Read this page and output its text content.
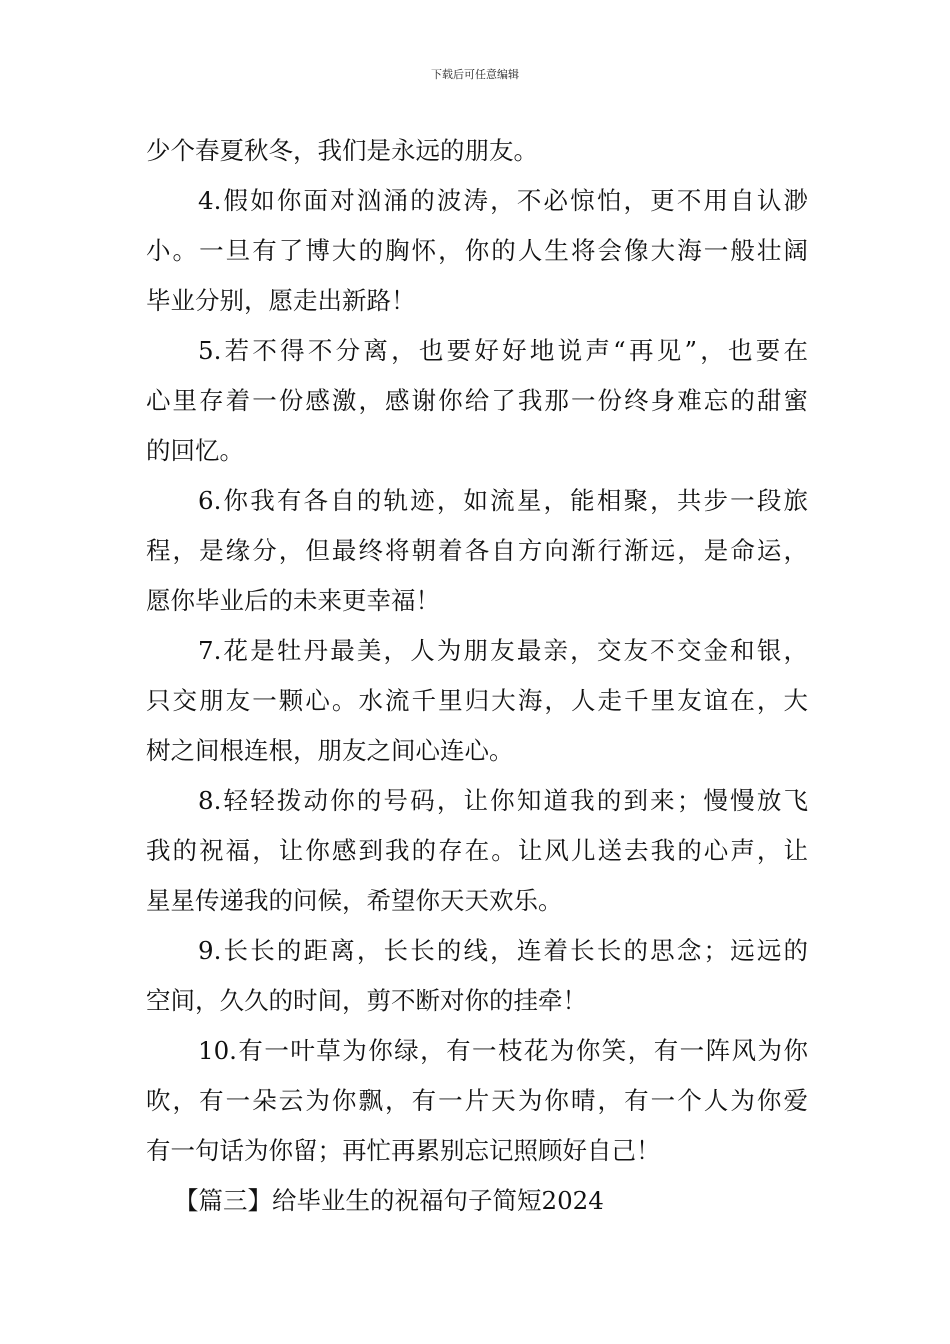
下载后可任意编辑
少个春夏秋冬，我们是永远的朋友。
4.假如你面对汹涌的波涛，不必惊怕，更不用自认渺
小。一旦有了博大的胸怀，你的人生将会像大海一般壮阔
毕业分别，愿走出新路！
5.若不得不分离，也要好好地说声“再见”，也要在
心里存着一份感激，感谢你给了我那一份终身难忘的甜蜜
的回忆。
6.你我有各自的轨迹，如流星，能相聚，共步一段旅
程，是缘分，但最终将朝着各自方向渐行渐远，是命运，
愿你毕业后的未来更幸福！
7.花是牡丹最美，人为朋友最亲，交友不交金和银，
只交朋友一颗心。水流千里归大海，人走千里友谊在，大
树之间根连根，朋友之间心连心。
8.轻轻拨动你的号码，让你知道我的到来；慢慢放飞
我的祝福，让你感到我的存在。让风儿送去我的心声，让
星星传递我的问候，希望你天天欢乐。
9.长长的距离，长长的线，连着长长的思念；远远的
空间，久久的时间，剪不断对你的挂牵！
10.有一叶草为你绿，有一枝花为你笑，有一阵风为你
吹，有一朵云为你飘，有一片天为你晴，有一个人为你爱
有一句话为你留；再忙再累别忘记照顾好自己！
【篇三】给毕业生的祝福句子简短2024
